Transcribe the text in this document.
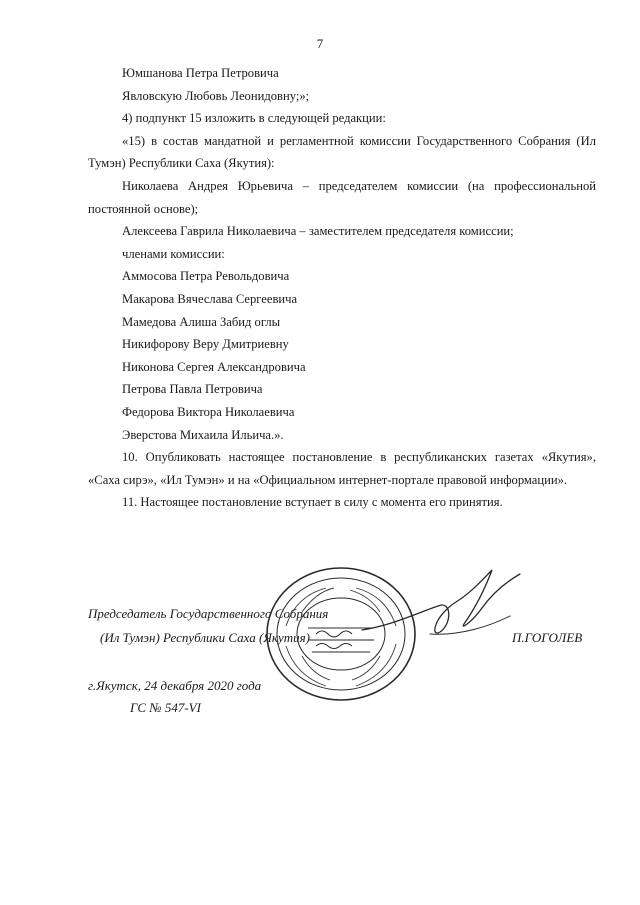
7

Юмшанова Петра Петровича

Явловскую Любовь Леонидовну;»;

4) подпункт 15 изложить в следующей редакции:

«15) в состав мандатной и регламентной комиссии Государственного Собрания (Ил Тумэн) Республики Саха (Якутия):

Николаева Андрея Юрьевича – председателем комиссии (на профессиональной постоянной основе);

Алексеева Гаврила Николаевича – заместителем председателя комиссии;

членами комиссии:

Аммосова Петра Револьдовича

Макарова Вячеслава Сергеевича

Мамедова Алиша Забид оглы

Никифорову Веру Дмитриевну

Никонова Сергея Александровича

Петрова Павла Петровича

Федорова Виктора Николаевича

Эверстова Михаила Ильича.».

10. Опубликовать настоящее постановление в республиканских газетах «Якутия», «Саха сирэ», «Ил Тумэн» и на «Официальном интернет-портале правовой информации».

11. Настоящее постановление вступает в силу с момента его принятия.

Председатель Государственного Собрания
(Ил Тумэн) Республики Саха (Якутия)	П.ГОГОЛЕВ
г.Якутск, 24 декабря 2020 года
ГС № 547-VI
